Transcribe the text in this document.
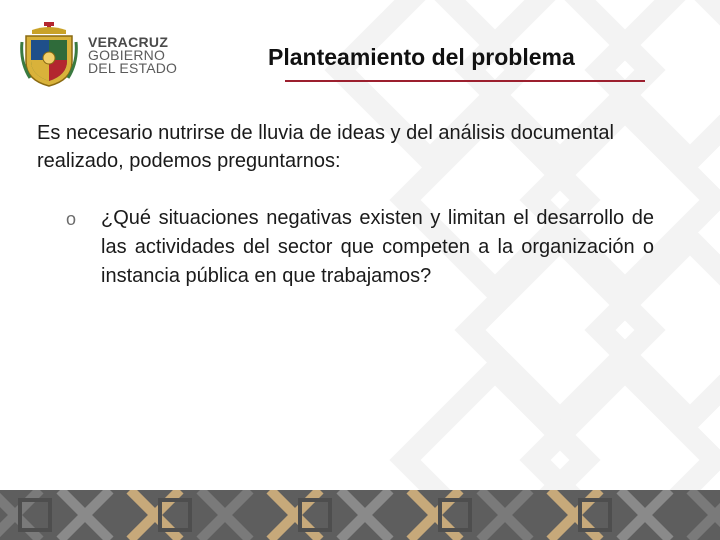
VERACRUZ
GOBIERNO
DEL ESTADO	Planteamiento del problema

Es necesario nutrirse de lluvia de ideas y del análisis documental realizado, podemos preguntarnos:

o ¿Qué situaciones negativas existen y limitan el desarrollo de las actividades del sector que competen a la organización o instancia pública en que trabajamos?
